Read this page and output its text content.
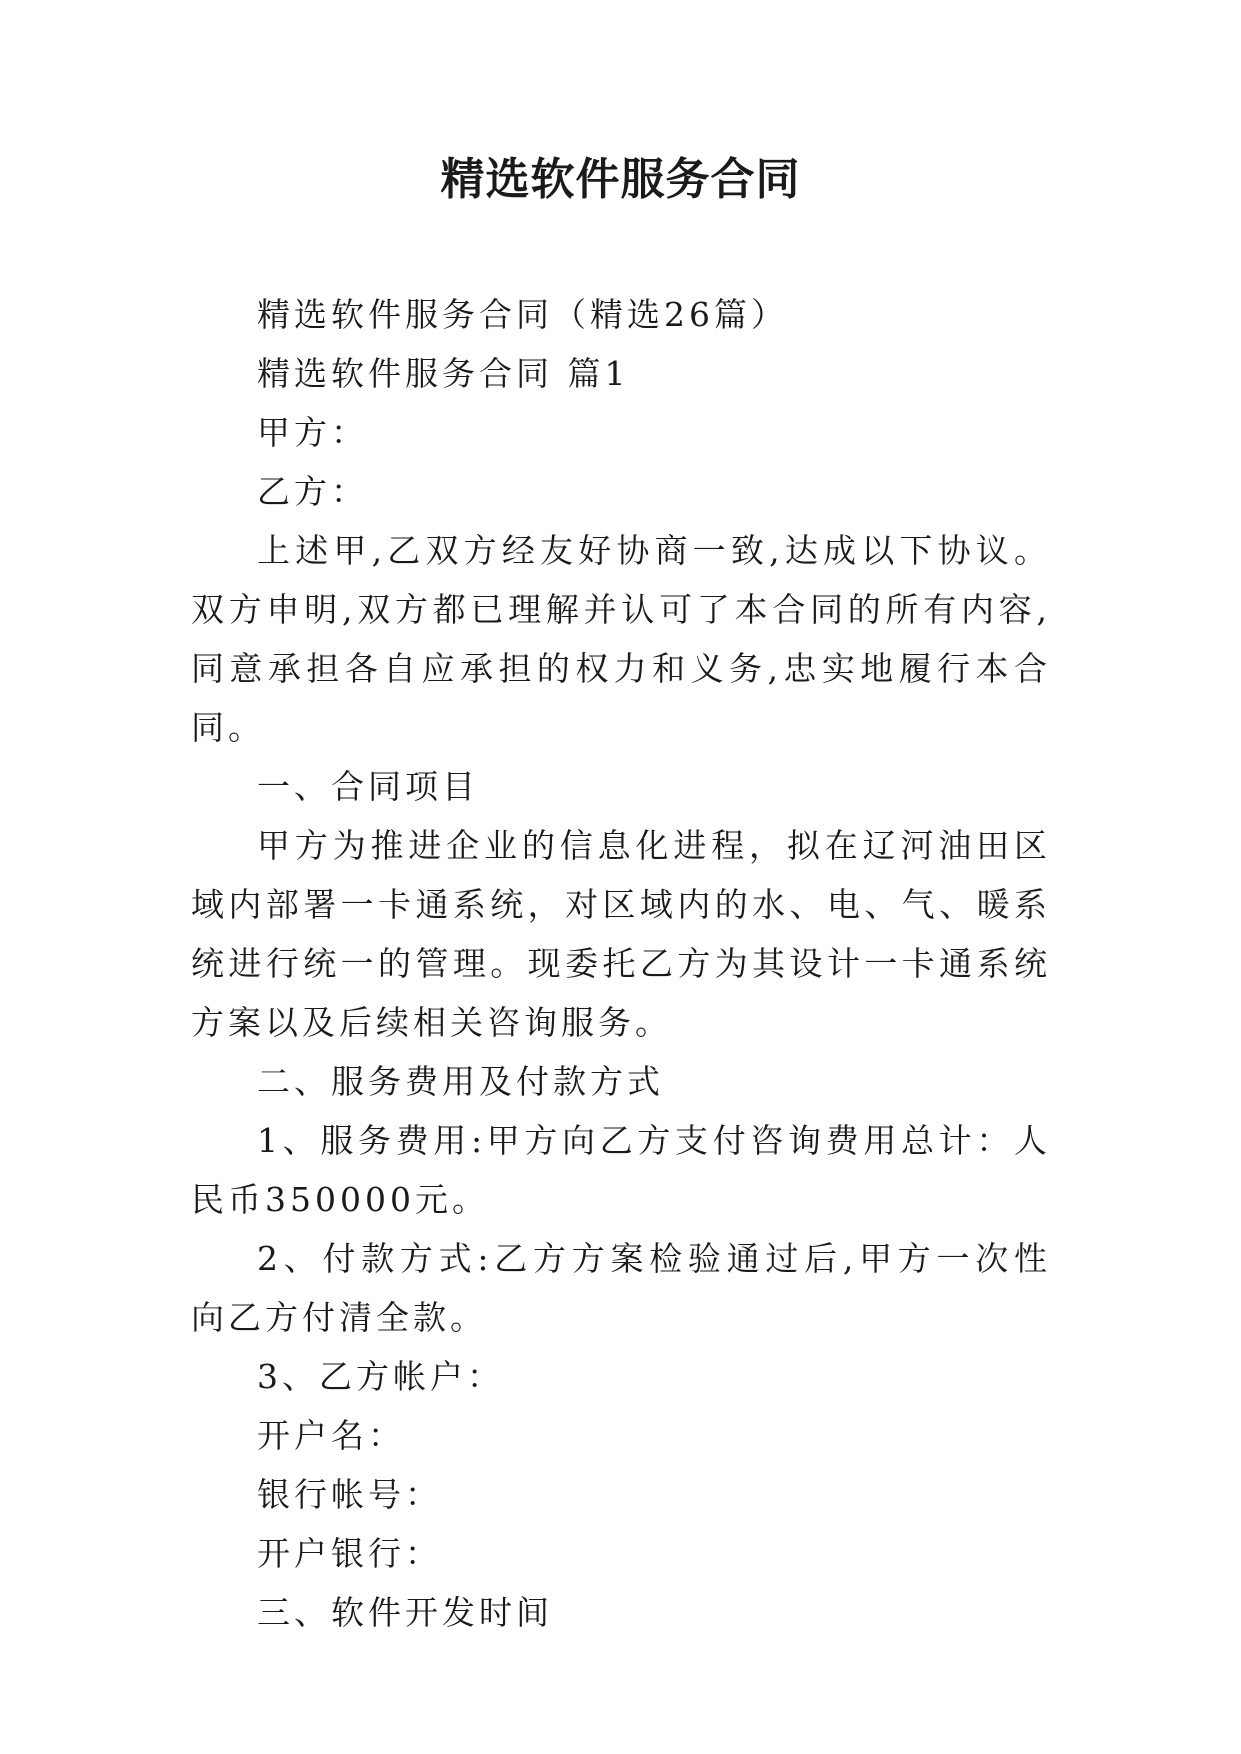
精选软件服务合同

精选软件服务合同（精选26篇）

精选软件服务合同 篇1

甲方：

乙方：

上述甲,乙双方经友好协商一致,达成以下协议。双方申明,双方都已理解并认可了本合同的所有内容,同意承担各自应承担的权力和义务,忠实地履行本合同。

一、合同项目

甲方为推进企业的信息化进程，拟在辽河油田区域内部署一卡通系统，对区域内的水、电、气、暖系统进行统一的管理。现委托乙方为其设计一卡通系统方案以及后续相关咨询服务。

二、服务费用及付款方式

1、服务费用:甲方向乙方支付咨询费用总计：人民币350000元。

2、付款方式:乙方方案检验通过后,甲方一次性向乙方付清全款。

3、乙方帐户：

开户名：

银行帐号：

开户银行：

三、软件开发时间
